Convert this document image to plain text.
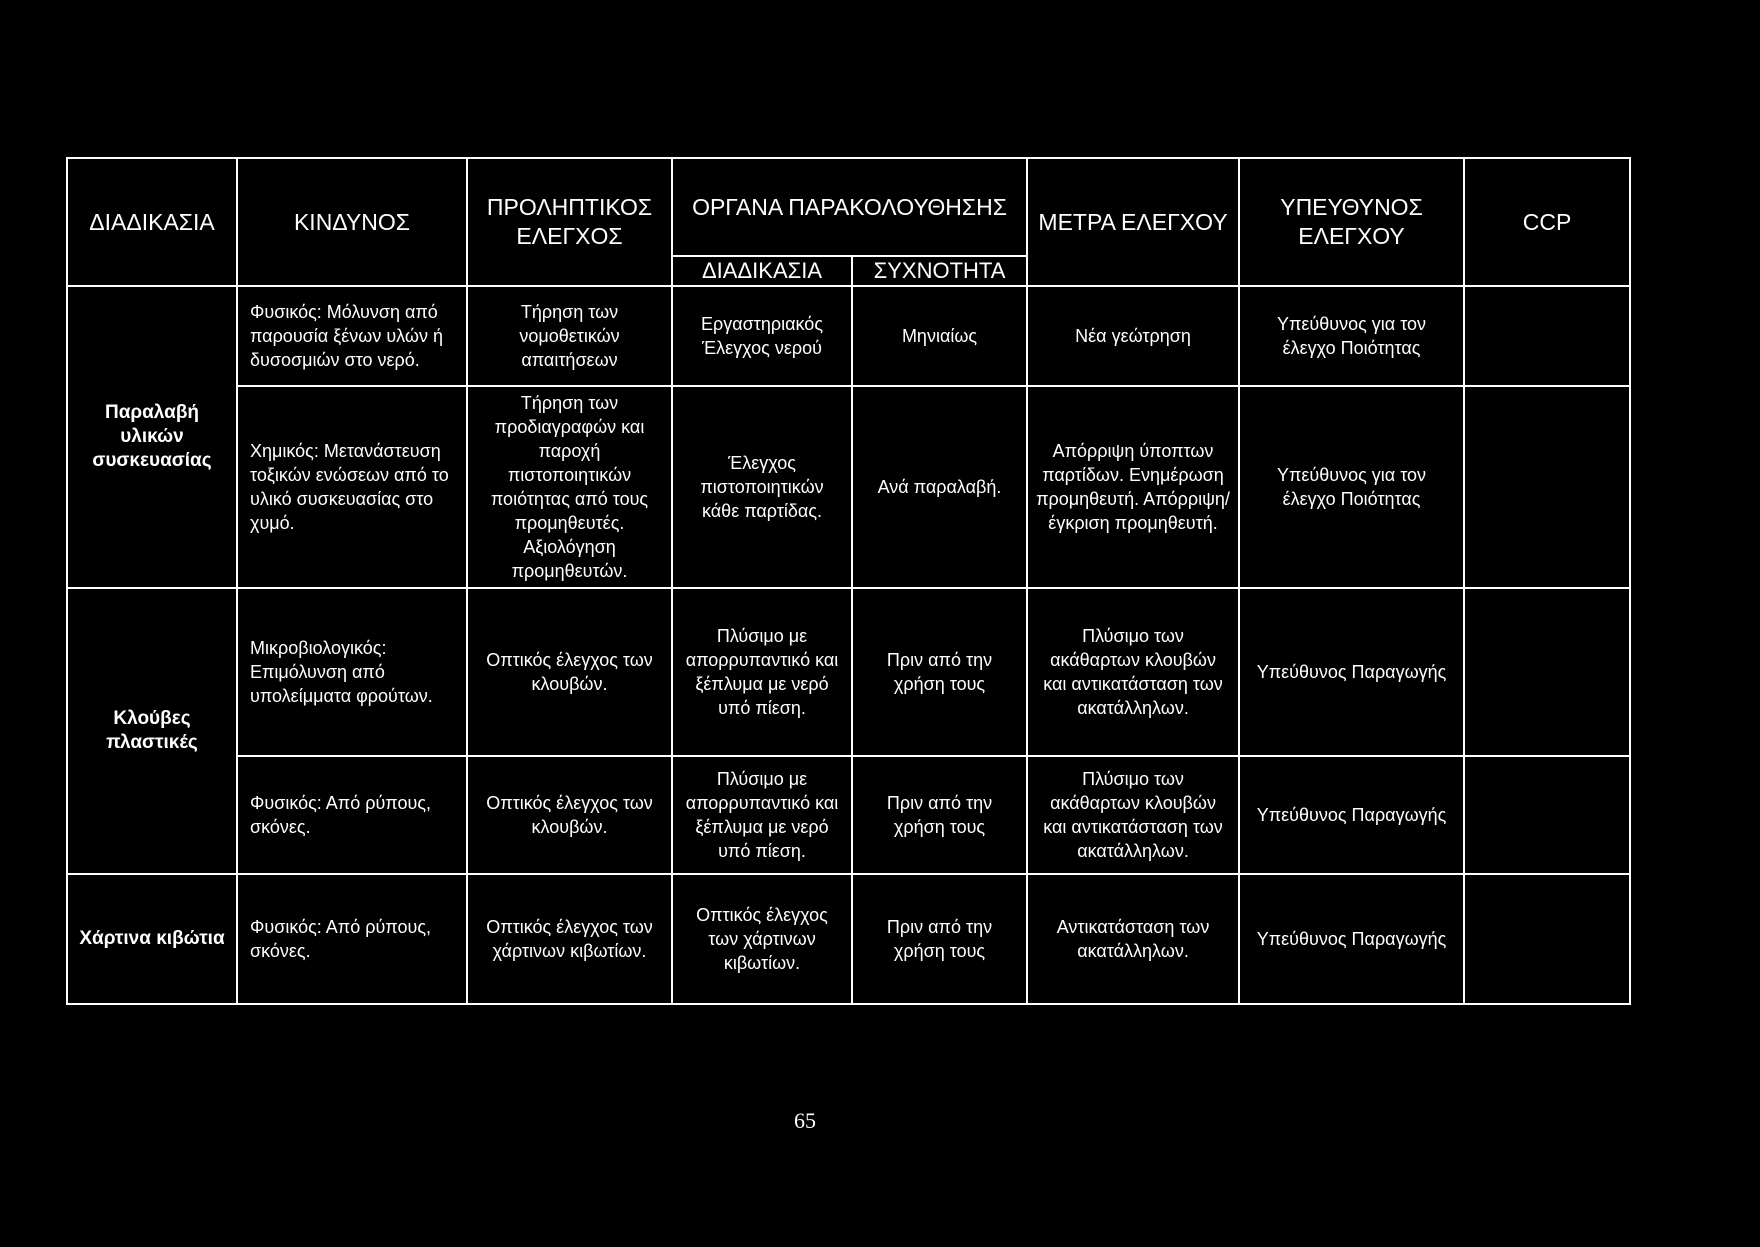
ΔΙΑΔΙΚΑΣΙΑ	ΚΙΝΔΥΝΟΣ	ΠΡΟΛΗΠΤΙΚΟΣ ΕΛΕΓΧΟΣ	ΟΡΓΑΝΑ ΠΑΡΑΚΟΛΟΥΘΗΣΗΣ		ΜΕΤΡΑ ΕΛΕΓΧΟΥ	ΥΠΕΥΘΥΝΟΣ ΕΛΕΓΧΟΥ	CCP
			ΔΙΑΔΙΚΑΣΙΑ	ΣΥΧΝΟΤΗΤΑ			
Παραλαβή υλικών συσκευασίας	Φυσικός: Μόλυνση από παρουσία ξένων υλών ή δυσοσμιών στο νερό.	Τήρηση των νομοθετικών απαιτήσεων	Εργαστηριακός Έλεγχος νερού	Μηνιαίως	Νέα γεώτρηση	Υπεύθυνος για τον έλεγχο Ποιότητας	
	Χημικός: Μετανάστευση τοξικών ενώσεων από το υλικό συσκευασίας στο χυμό.	Τήρηση των προδιαγραφών και παροχή πιστοποιητικών ποιότητας από τους προμηθευτές. Αξιολόγηση προμηθευτών.	Έλεγχος πιστοποιητικών κάθε παρτίδας.	Ανά παραλαβή.	Απόρριψη ύποπτων παρτίδων. Ενημέρωση προμηθευτή. Απόρριψη/ έγκριση προμηθευτή.	Υπεύθυνος για τον έλεγχο Ποιότητας	
Κλούβες πλαστικές	Μικροβιολογικός: Επιμόλυνση από υπολείμματα φρούτων.	Οπτικός έλεγχος των κλουβών.	Πλύσιμο με απορρυπαντικό και ξέπλυμα με νερό υπό πίεση.	Πριν από την χρήση τους	Πλύσιμο των ακάθαρτων κλουβών και αντικατάσταση των ακατάλληλων.	Υπεύθυνος Παραγωγής	
	Φυσικός: Από ρύπους, σκόνες.	Οπτικός έλεγχος των κλουβών.	Πλύσιμο με απορρυπαντικό και ξέπλυμα με νερό υπό πίεση.	Πριν από την χρήση τους	Πλύσιμο των ακάθαρτων κλουβών και αντικατάσταση των ακατάλληλων.	Υπεύθυνος Παραγωγής	
Χάρτινα κιβώτια	Φυσικός: Από ρύπους, σκόνες.	Οπτικός έλεγχος των χάρτινων κιβωτίων.	Οπτικός έλεγχος των χάρτινων κιβωτίων.	Πριν από την χρήση τους	Αντικατάσταση των ακατάλληλων.	Υπεύθυνος Παραγωγής	
65
